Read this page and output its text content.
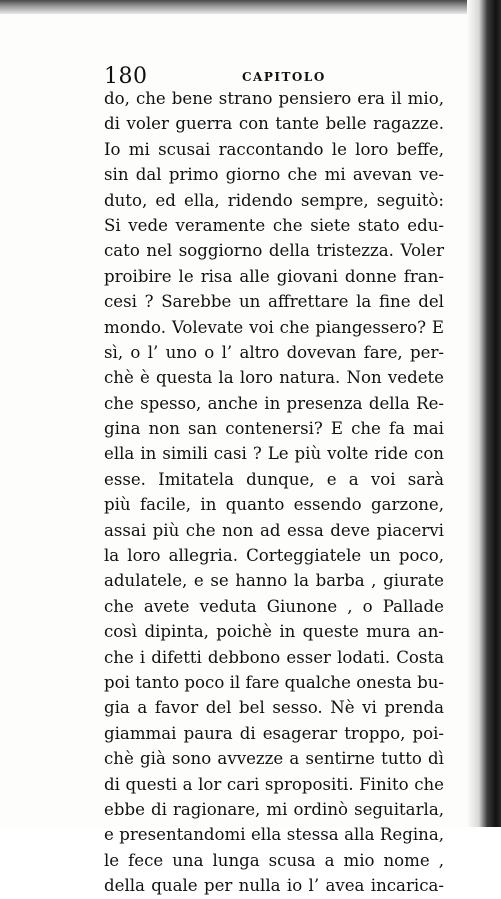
180	CAPITOLO
do, che bene strano pensiero era il mio,
di voler guerra con tante belle ragazze.
Io mi scusai raccontando le loro beffe,
sin dal primo giorno che mi avevan ve-
duto, ed ella, ridendo sempre, seguitò:
Si vede veramente che siete stato edu-
cato nel soggiorno della tristezza. Voler
proibire le risa alle giovani donne fran-
cesi ? Sarebbe un affrettare la fine del
mondo. Volevate voi che piangessero? E
sì, o l’ uno o l’ altro dovevan fare, per-
chè è questa la loro natura. Non vedete
che spesso, anche in presenza della Re-
gina non san contenersi? E che fa mai
ella in simili casi ? Le più volte ride con
esse. Imitatela dunque, e a voi sarà
più facile, in quanto essendo garzone,
assai più che non ad essa deve piacervi
la loro allegria. Corteggiatele un poco,
adulatele, e se hanno la barba , giurate
che avete veduta Giunone , o Pallade
così dipinta, poichè in queste mura an-
che i difetti debbono esser lodati. Costa
poi tanto poco il fare qualche onesta bu-
gia a favor del bel sesso. Nè vi prenda
giammai paura di esagerar troppo, poi-
chè già sono avvezze a sentirne tutto dì
di questi a lor cari spropositi. Finito che
ebbe di ragionare, mi ordinò seguitarla,
e presentandomi ella stessa alla Regina,
le fece una lunga scusa a mio nome ,
della quale per nulla io l’ avea incarica-
